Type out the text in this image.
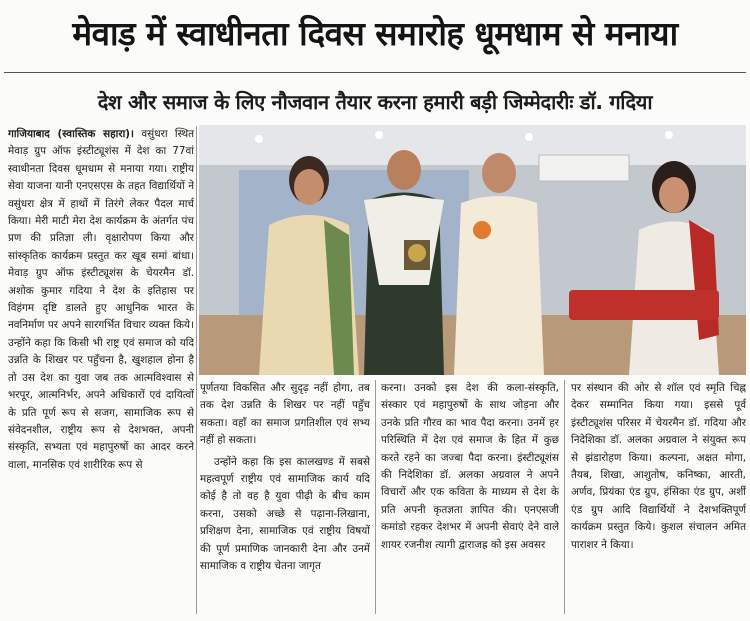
मेवाड़ में स्वाधीनता दिवस समारोह धूमधाम से मनाया
देश और समाज के लिए नौजवान तैयार करना हमारी बड़ी जिम्मेदारीः डॉ. गदिया

गाजियाबाद (स्वास्तिक सहारा)। वसुंधरा स्थित मेवाड़ ग्रुप ऑफ इंस्टीट्यूशंस में देश का 77वां स्वाधीनता दिवस धूमधाम से मनाया गया। राष्ट्रीय सेवा याजना यानी एनएसएस के तहत विद्यार्थियों ने वसुंधरा क्षेत्र में हाथों में तिरंगे लेकर पैदल मार्च किया। मेरी माटी मेरा देश कार्यक्रम के अंतर्गत पंच प्रण की प्रतिज्ञा ली। वृक्षारोपण किया और सांस्कृतिक कार्यक्रम प्रस्तुत कर खूब समां बांधा। मेवाड़ ग्रुप ऑफ इंस्टीट्यूशंस के चेयरमैन डॉ. अशोक कुमार गदिया ने देश के इतिहास पर विहंगम दृष्टि डालते हुए आधुनिक भारत के नवनिर्माण पर अपने सारगर्भित विचार व्यक्त किये। उन्होंने कहा कि किसी भी राष्ट्र एवं समाज को यदि उन्नति के शिखर पर पहुँचना है, खुशहाल होना है तो उस देश का युवा जब तक आत्मविश्वास से भरपूर, आत्मनिर्भर, अपने अधिकारों एवं दायित्वों के प्रति पूर्ण रूप से सजग, सामाजिक रूप से संवेदनशील, राष्ट्रीय रूप से देशभक्त, अपनी संस्कृति, सभ्यता एवं महापुरुषों का आदर करने वाला, मानसिक एवं शारीरिक रूप से

पूर्णतया विकसित और सुदृढ़ नहीं होगा, तब तक देश उन्नति के शिखर पर नहीं पहुँच सकता। वहाँ का समाज प्रगतिशील एवं सभ्य नहीं हो सकता।

उन्होंने कहा कि इस कालखण्ड में सबसे महत्वपूर्ण राष्ट्रीय एवं सामाजिक कार्य यदि कोई है तो वह है युवा पीढ़ी के बीच काम करना, उसको अच्छे से पढ़ाना-लिखाना, प्रशिक्षण देना, सामाजिक एवं राष्ट्रीय विषयों की पूर्ण प्रमाणिक जानकारी देना और उनमें सामाजिक व राष्ट्रीय चेतना जागृत

करना। उनको इस देश की कला-संस्कृति, संस्कार एवं महापुरुषों के साथ जोड़ना और उनके प्रति गौरव का भाव पैदा करना। उनमें हर परिस्थिति में देश एवं समाज के हित में कुछ करते रहने का जज्बा पैदा करना। इंस्टीट्यूशंस की निदेशिका डॉ. अलका अग्रवाल ने अपने विचारों और एक कविता के माध्यम से देश के प्रति अपनी कृतज्ञता ज्ञापित की। एनएसजी कमांडो रहकर देशभर में अपनी सेवाएं देने वाले शायर रजनीश त्यागी द्वाराजह्र को इस अवसर

पर संस्थान की ओर से शॉल एवं स्मृति चिह्न देकर सम्मानित किया गया। इससे पूर्व इंस्टीट्यूशंस परिसर में चेयरमैन डॉ. गदिया और निदेशिका डॉ. अलका अग्रवाल ने संयुक्त रूप से झंडारोहण किया। कल्पना, अक्षत मोगा, तैयब, शिखा, आशुतोष, कनिष्का, आरती, अर्णव, प्रियंका एंड ग्रुप, हंसिका एंड ग्रुप, अर्शी एंड ग्रुप आदि विद्यार्थियों ने देशभक्तिपूर्ण कार्यक्रम प्रस्तुत किये। कुशल संचालन अमित पाराशर ने किया।
